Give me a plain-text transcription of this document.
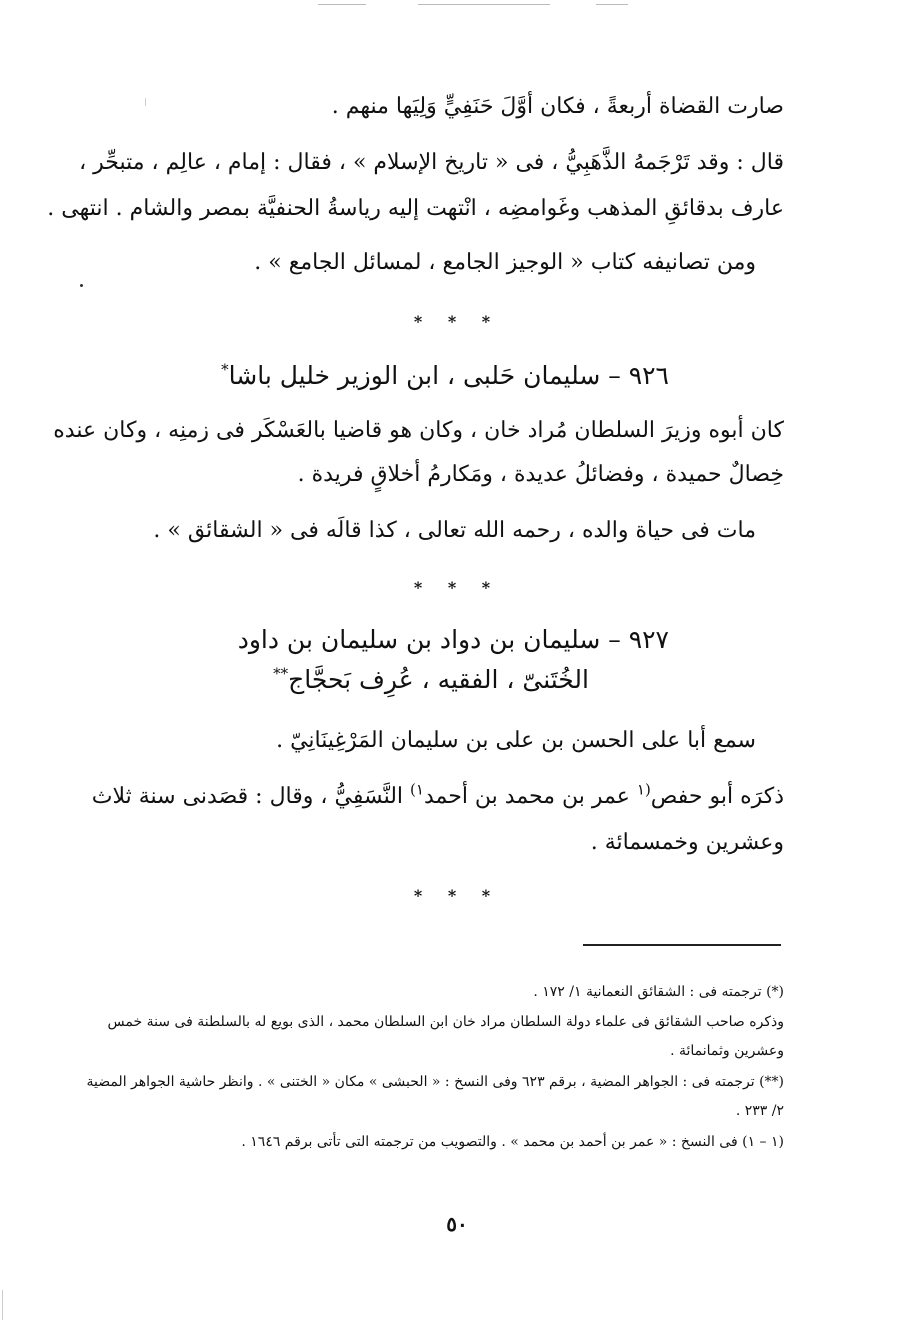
صارت القضاة أربعةً ، فكان أوَّلَ حَنَفِيٍّ وَلِيَها منهم .
قال : وقد تَرْجَمهُ الذَّهَبِيُّ ، فى « تاريخ الإسلام » ، فقال : إمام ، عالِم ، متبحِّر ،
عارف بدقائقِ المذهب وغَوامضِه ، انْتهت إليه رياسةُ الحنفيَّة بمصر والشام . انتهى .
ومن تصانيفه كتاب « الوجيز الجامع ، لمسائل الجامع » .
* * *
٩٢٦ – سليمان حَلبى ، ابن الوزير خليل باشا*
كان أبوه وزيرَ السلطان مُراد خان ، وكان هو قاضيا بالعَسْكَر فى زمنِه ، وكان عنده
خِصالٌ حميدة ، وفضائلُ عديدة ، ومَكارمُ أخلاقٍ فريدة .
مات فى حياة والده ، رحمه الله تعالى ، كذا قالَه فى « الشقائق » .
* * *
٩٢٧ – سليمان بن دواد بن سليمان بن داود
الخُتَنىّ ، الفقيه ، عُرِف بَحجَّاج**
سمع أبا على الحسن بن على بن سليمان المَرْغِينَانِيّ .
ذكرَه أبو حفص$^{(١}$ عمر بن محمد بن أحمد$^{١)}$ النَّسَفِيُّ ، وقال : قصَدنى سنة ثلاث
وعشرين وخمسمائة .
* * *
(*) ترجمته فى : الشقائق النعمانية ١/ ١٧٢ .
وذكره صاحب الشقائق فى علماء دولة السلطان مراد خان ابن السلطان محمد ، الذى بويع له بالسلطنة فى سنة خمس
وعشرين وثمانمائة .
(**) ترجمته فى : الجواهر المضية ، برقم ٦٢٣ وفى النسخ : « الحبشى » مكان « الختنى » . وانظر حاشية الجواهر المضية
٢/ ٢٣٣ .
(١ – ١) فى النسخ : « عمر بن أحمد بن محمد » . والتصويب من ترجمته التى تأتى برقم ١٦٤٦ .
٥٠
